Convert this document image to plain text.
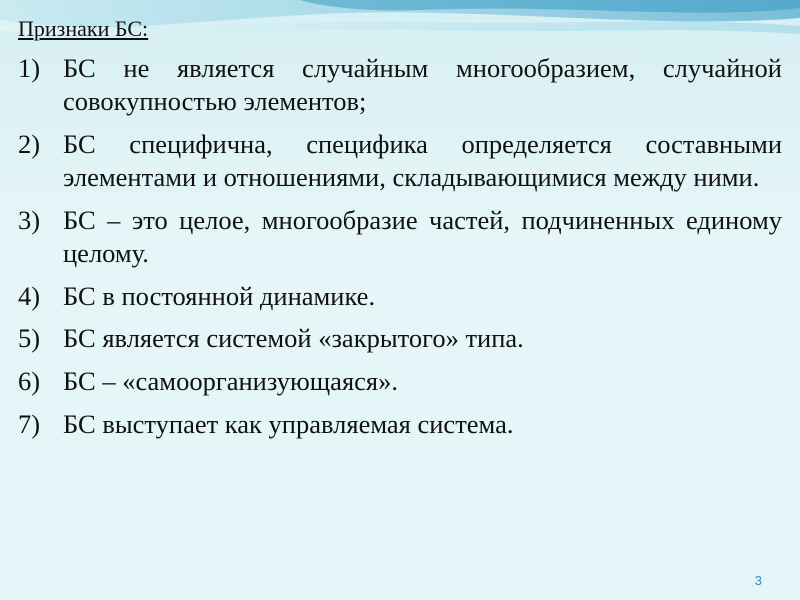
Признаки БС:
1) БС не является случайным многообразием, случайной совокупностью элементов;
2) БС специфична, специфика определяется составными элементами и отношениями, складывающимися между ними.
3) БС – это целое, многообразие частей, подчиненных единому целому.
4) БС в постоянной динамике.
5) БС является системой «закрытого» типа.
6) БС – «самоорганизующаяся».
7) БС выступает как управляемая система.
3
